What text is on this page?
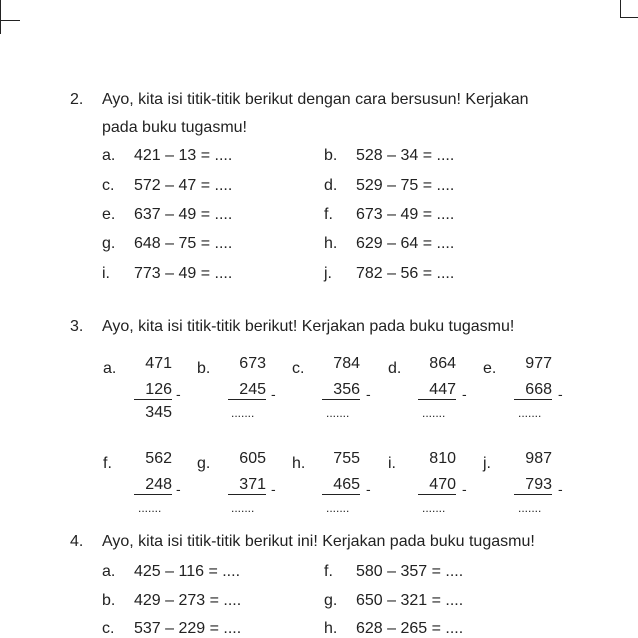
2. Ayo, kita isi titik-titik berikut dengan cara bersusun! Kerjakan
pada buku tugasmu!
a. 421 – 13 = ....	b. 528 – 34 = ....
c. 572 – 47 = ....	d. 529 – 75 = ....
e. 637 – 49 = ....	f. 673 – 49 = ....
g. 648 – 75 = ....	h. 629 – 64 = ....
i. 773 – 49 = ....	j. 782 – 56 = ....
3. Ayo, kita isi titik-titik berikut! Kerjakan pada buku tugasmu!
a.	471
126 -
345
b.	673
245 -
.......
c.	784
356 -
.......
d.	864
447 -
.......
e.	977
668 -
.......
f.	562
248 -
.......
g.	605
371 -
.......
h.	755
465 -
.......
i.	810
470 -
.......
j.	987
793 -
.......
4. Ayo, kita isi titik-titik berikut ini! Kerjakan pada buku tugasmu!
a. 425 – 116 = ....	f. 580 – 357 = ....
b. 429 – 273 = ....	g. 650 – 321 = ....
c. 537 – 229 = ....	h. 628 – 265 = ....
